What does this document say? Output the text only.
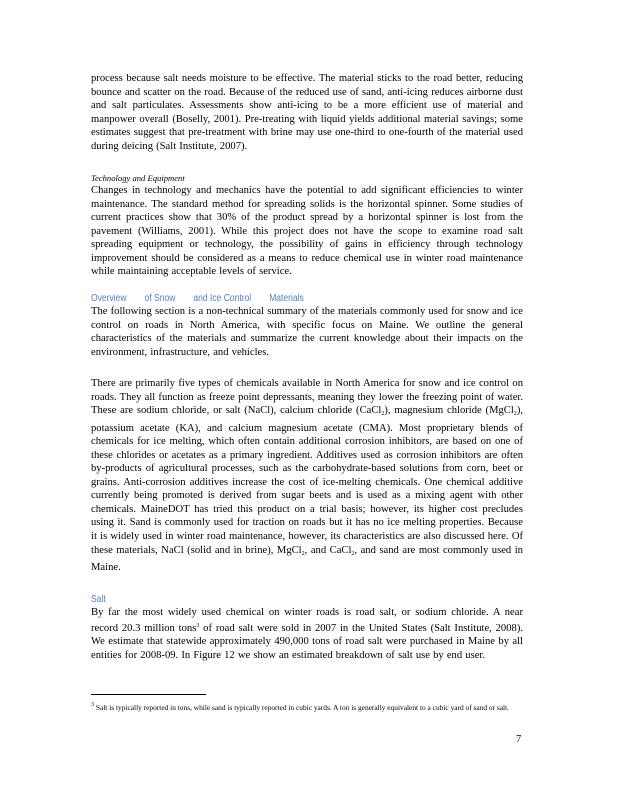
process because salt needs moisture to be effective. The material sticks to the road better, reducing bounce and scatter on the road. Because of the reduced use of sand, anti-icing reduces airborne dust and salt particulates. Assessments show anti-icing to be a more efficient use of material and manpower overall (Boselly, 2001). Pre-treating with liquid yields additional material savings; some estimates suggest that pre-treatment with brine may use one-third to one-fourth of the material used during deicing (Salt Institute, 2007).

Technology and Equipment

Changes in technology and mechanics have the potential to add significant efficiencies to winter maintenance. The standard method for spreading solids is the horizontal spinner. Some studies of current practices show that 30% of the product spread by a horizontal spinner is lost from the pavement (Williams, 2001). While this project does not have the scope to examine road salt spreading equipment or technology, the possibility of gains in efficiency through technology improvement should be considered as a means to reduce chemical use in winter road maintenance while maintaining acceptable levels of service.

Overview of Snow and Ice Control Materials

The following section is a non-technical summary of the materials commonly used for snow and ice control on roads in North America, with specific focus on Maine. We outline the general characteristics of the materials and summarize the current knowledge about their impacts on the environment, infrastructure, and vehicles.

There are primarily five types of chemicals available in North America for snow and ice control on roads. They all function as freeze point depressants, meaning they lower the freezing point of water. These are sodium chloride, or salt (NaCl), calcium chloride (CaCl$_2$), magnesium chloride (MgCl$_2$), potassium acetate (KA), and calcium magnesium acetate (CMA). Most proprietary blends of chemicals for ice melting, which often contain additional corrosion inhibitors, are based on one of these chlorides or acetates as a primary ingredient. Additives used as corrosion inhibitors are often by-products of agricultural processes, such as the carbohydrate-based solutions from corn, beet or grains. Anti-corrosion additives increase the cost of ice-melting chemicals. One chemical additive currently being promoted is derived from sugar beets and is used as a mixing agent with other chemicals. MaineDOT has tried this product on a trial basis; however, its higher cost precludes using it. Sand is commonly used for traction on roads but it has no ice melting properties. Because it is widely used in winter road maintenance, however, its characteristics are also discussed here. Of these materials, NaCl (solid and in brine), MgCl$_2$, and CaCl$_2$, and sand are most commonly used in Maine.

Salt

By far the most widely used chemical on winter roads is road salt, or sodium chloride. A near record 20.3 million tons$^3$ of road salt were sold in 2007 in the United States (Salt Institute, 2008). We estimate that statewide approximately 490,000 tons of road salt were purchased in Maine by all entities for 2008-09. In Figure 12 we show an estimated breakdown of salt use by end user.

$^3$ Salt is typically reported in tons, while sand is typically reported in cubic yards. A ton is generally equivalent to a cubic yard of sand or salt.

7
